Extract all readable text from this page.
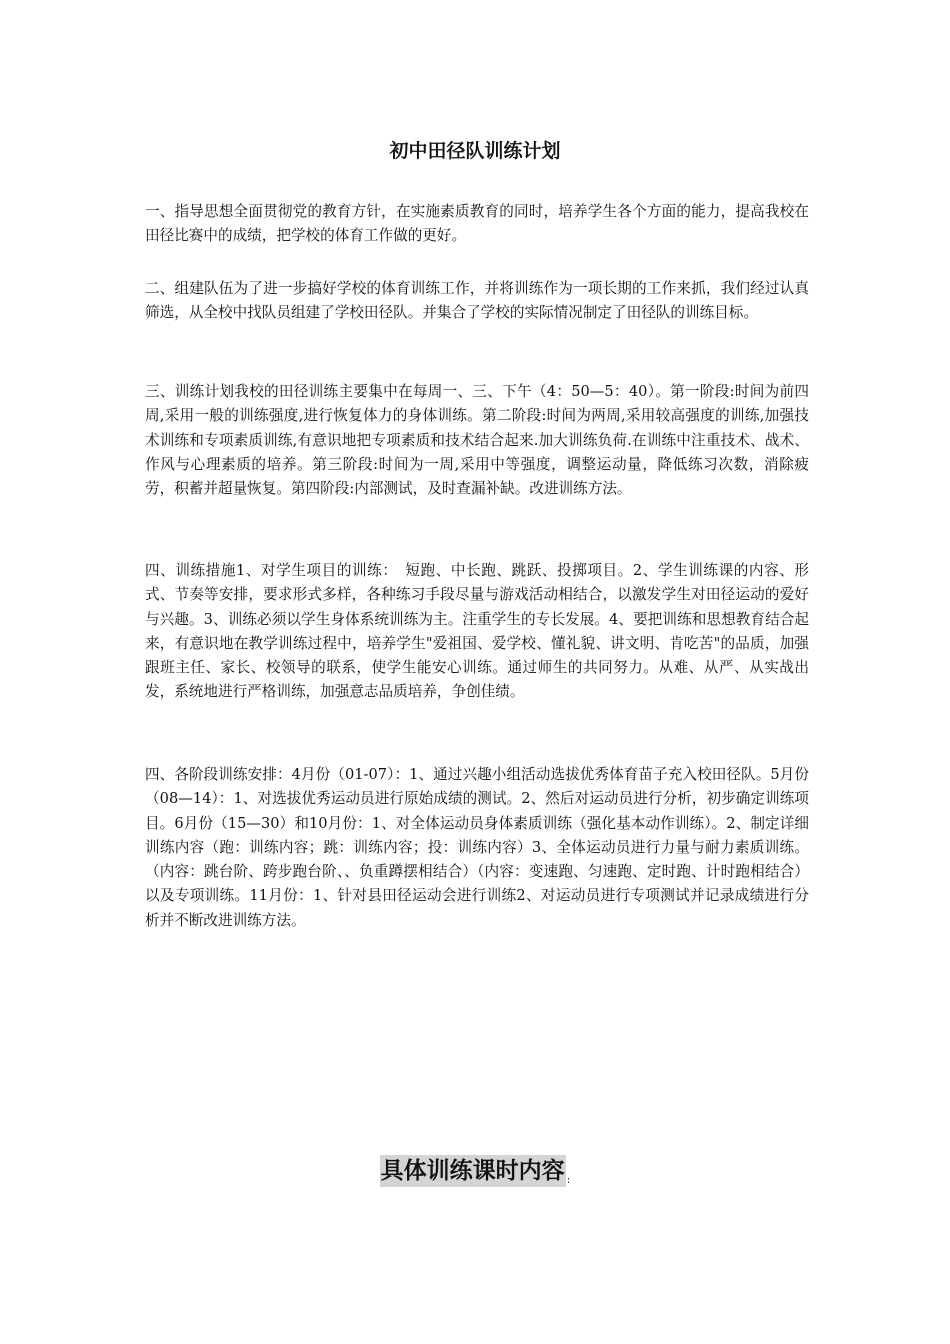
初中田径队训练计划

一、指导思想全面贯彻党的教育方针，在实施素质教育的同时，培养学生各个方面的能力，提高我校在田径比赛中的成绩，把学校的体育工作做的更好。

二、组建队伍为了进一步搞好学校的体育训练工作，并将训练作为一项长期的工作来抓，我们经过认真筛选，从全校中找队员组建了学校田径队。并集合了学校的实际情况制定了田径队的训练目标。

三、训练计划我校的田径训练主要集中在每周一、三、下午（4：50—5：40）。第一阶段:时间为前四周,采用一般的训练强度,进行恢复体力的身体训练。第二阶段:时间为两周,采用较高强度的训练,加强技术训练和专项素质训练,有意识地把专项素质和技术结合起来.加大训练负荷.在训练中注重技术、战术、作风与心理素质的培养。第三阶段:时间为一周,采用中等强度，调整运动量，降低练习次数，消除疲劳，积蓄并超量恢复。第四阶段:内部测试，及时查漏补缺。改进训练方法。

四、训练措施1、对学生项目的训练：　短跑、中长跑、跳跃、投掷项目。2、学生训练课的内容、形式、节奏等安排，要求形式多样，各种练习手段尽量与游戏活动相结合，以激发学生对田径运动的爱好与兴趣。3、训练必须以学生身体系统训练为主。注重学生的专长发展。4、要把训练和思想教育结合起来，有意识地在教学训练过程中，培养学生"爱祖国、爱学校、懂礼貌、讲文明、肯吃苦"的品质，加强跟班主任、家长、校领导的联系，使学生能安心训练。通过师生的共同努力。从难、从严、从实战出发，系统地进行严格训练，加强意志品质培养，争创佳绩。

四、各阶段训练安排：4月份（01-07）：1、通过兴趣小组活动选拔优秀体育苗子充入校田径队。5月份（08—14）：1、对选拔优秀运动员进行原始成绩的测试。2、然后对运动员进行分析，初步确定训练项目。6月份（15—30）和10月份：1、对全体运动员身体素质训练（强化基本动作训练）。2、制定详细训练内容（跑：训练内容；跳：训练内容；投：训练内容）3、全体运动员进行力量与耐力素质训练。（内容：跳台阶、跨步跑台阶、、负重蹲摆相结合）（内容：变速跑、匀速跑、定时跑、计时跑相结合）以及专项训练。11月份：1、针对县田径运动会进行训练2、对运动员进行专项测试并记录成绩进行分析并不断改进训练方法。

具体训练课时内容 :
